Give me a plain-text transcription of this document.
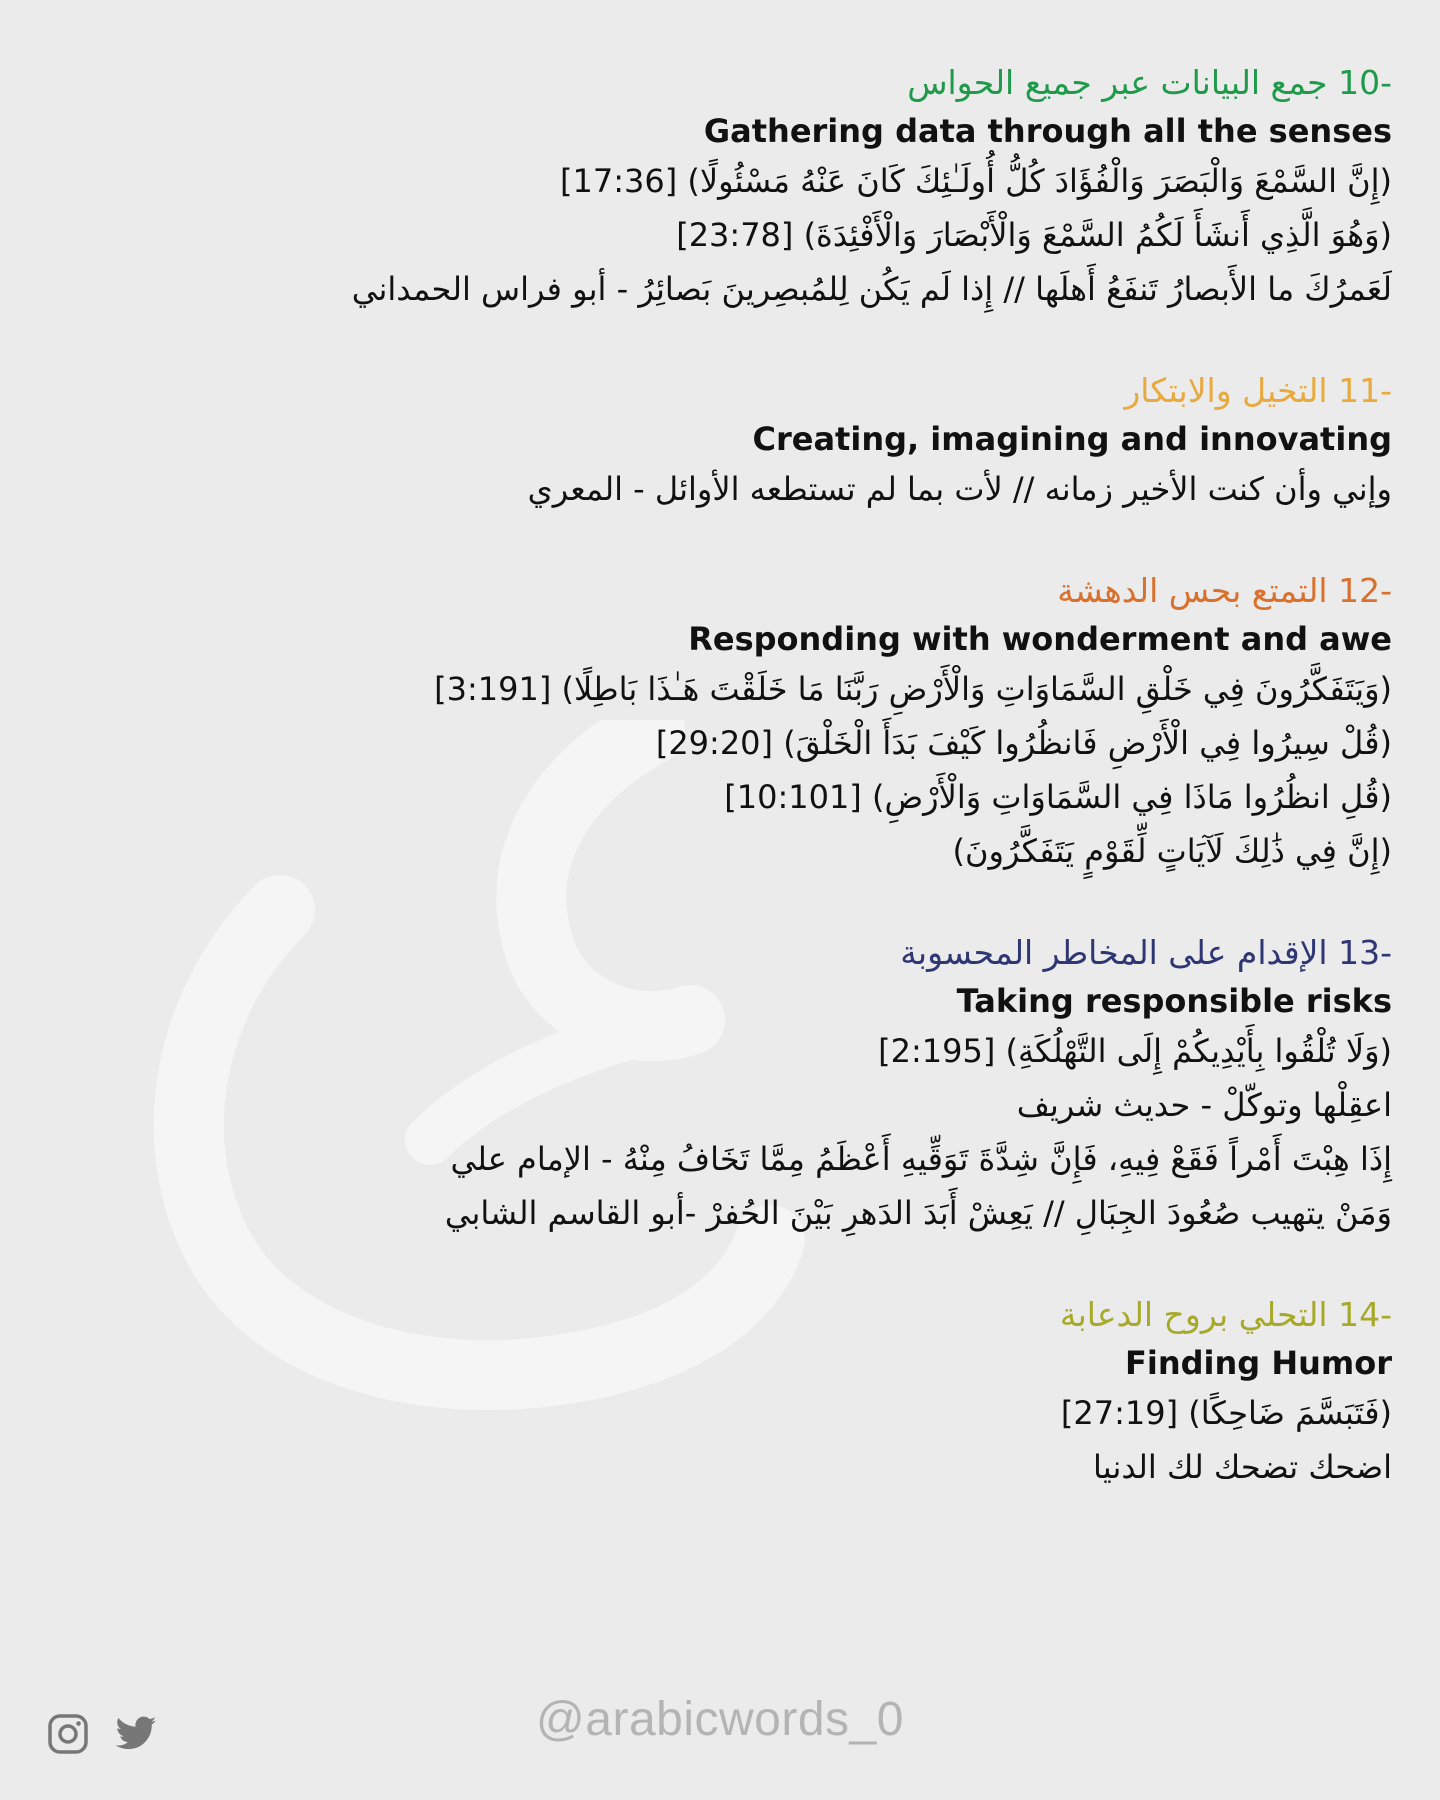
10- جمع البيانات عبر جميع الحواس

Gathering data through all the senses

(إِنَّ السَّمْعَ وَالْبَصَرَ وَالْفُؤَادَ كُلُّ أُولَـٰئِكَ كَانَ عَنْهُ مَسْئُولًا) [17:36]

(وَهُوَ الَّذِي أَنشَأَ لَكُمُ السَّمْعَ وَالْأَبْصَارَ وَالْأَفْئِدَةَ) [23:78]

لَعَمرُكَ ما الأَبصارُ تَنفَعُ أَهلَها // إِذا لَم يَكُن لِلمُبصِرينَ بَصائِرُ - أبو فراس الحمداني

11- التخيل والابتكار

Creating, imagining and innovating

وإني وأن كنت الأخير زمانه // لأت بما لم تستطعه الأوائل - المعري

12- التمتع بحس الدهشة

Responding with wonderment and awe

(وَيَتَفَكَّرُونَ فِي خَلْقِ السَّمَاوَاتِ وَالْأَرْضِ رَبَّنَا مَا خَلَقْتَ هَـٰذَا بَاطِلًا) [3:191]

(قُلْ سِيرُوا فِي الْأَرْضِ فَانظُرُوا كَيْفَ بَدَأَ الْخَلْقَ) [29:20]

(قُلِ انظُرُوا مَاذَا فِي السَّمَاوَاتِ وَالْأَرْضِ) [10:101]

(إِنَّ فِي ذَٰلِكَ لَآيَاتٍ لِّقَوْمٍ يَتَفَكَّرُونَ)

13- الإقدام على المخاطر المحسوبة

Taking responsible risks

(وَلَا تُلْقُوا بِأَيْدِيكُمْ إِلَى التَّهْلُكَةِ) [2:195]

اعقِلْها وتوكّلْ - حديث شريف

إِذَا هِبْتَ أَمْراً فَقَعْ فِيهِ، فَإِنَّ شِدَّةَ تَوَقِّيهِ أَعْظَمُ مِمَّا تَخَافُ مِنْهُ - الإمام علي

وَمَنْ يتهيب صُعُودَ الجِبَالِ // يَعِشْ أَبَدَ الدَهرِ بَيْنَ الحُفرْ -أبو القاسم الشابي

14- التحلي بروح الدعابة

Finding Humor

(فَتَبَسَّمَ ضَاحِكًا) [27:19]

اضحك تضحك لك الدنيا

@arabicwords_0
